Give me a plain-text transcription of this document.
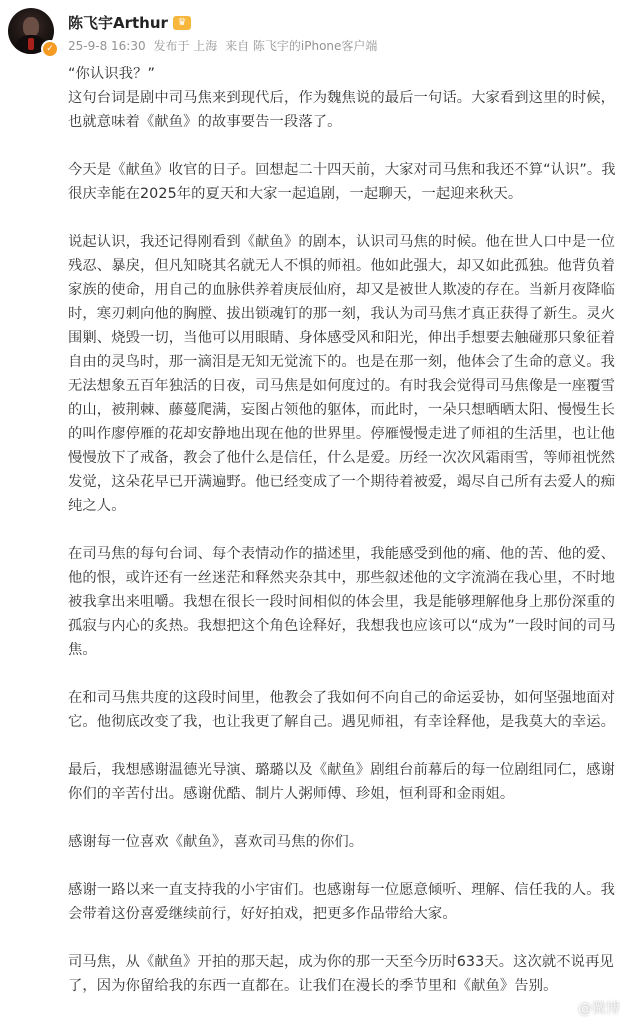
✓
陈飞宇Arthur ♛
25-9-8 16:30 发布于 上海 来自 陈飞宇的iPhone客户端

“你认识我？”
这句台词是剧中司马焦来到现代后，作为魏焦说的最后一句话。大家看到这里的时候，也就意味着《献鱼》的故事要告一段落了。

今天是《献鱼》收官的日子。回想起二十四天前，大家对司马焦和我还不算“认识”。我很庆幸能在2025年的夏天和大家一起追剧，一起聊天，一起迎来秋天。

说起认识，我还记得刚看到《献鱼》的剧本，认识司马焦的时候。他在世人口中是一位残忍、暴戾，但凡知晓其名就无人不惧的师祖。他如此强大，却又如此孤独。他背负着家族的使命，用自己的血脉供养着庚辰仙府，却又是被世人欺凌的存在。当新月夜降临时，寒刃刺向他的胸膛、拔出锁魂钉的那一刻，我认为司马焦才真正获得了新生。灵火围剿、烧毁一切，当他可以用眼睛、身体感受风和阳光，伸出手想要去触碰那只象征着自由的灵鸟时，那一滴泪是无知无觉流下的。也是在那一刻，他体会了生命的意义。我无法想象五百年独活的日夜，司马焦是如何度过的。有时我会觉得司马焦像是一座覆雪的山，被荆棘、藤蔓爬满，妄图占领他的躯体，而此时，一朵只想晒晒太阳、慢慢生长的叫作廖停雁的花却安静地出现在他的世界里。停雁慢慢走进了师祖的生活里，也让他慢慢放下了戒备，教会了他什么是信任，什么是爱。历经一次次风霜雨雪，等师祖恍然发觉，这朵花早已开满遍野。他已经变成了一个期待着被爱，竭尽自己所有去爱人的痴纯之人。

在司马焦的每句台词、每个表情动作的描述里，我能感受到他的痛、他的苦、他的爱、他的恨，或许还有一丝迷茫和释然夹杂其中，那些叙述他的文字流淌在我心里，不时地被我拿出来咀嚼。我想在很长一段时间相似的体会里，我是能够理解他身上那份深重的孤寂与内心的炙热。我想把这个角色诠释好，我想我也应该可以“成为”一段时间的司马焦。

在和司马焦共度的这段时间里，他教会了我如何不向自己的命运妥协，如何坚强地面对它。他彻底改变了我，也让我更了解自己。遇见师祖，有幸诠释他，是我莫大的幸运。

最后，我想感谢温德光导演、璐璐以及《献鱼》剧组台前幕后的每一位剧组同仁，感谢你们的辛苦付出。感谢优酷、制片人粥师傅、珍姐，恒利哥和金雨姐。

感谢每一位喜欢《献鱼》，喜欢司马焦的你们。

感谢一路以来一直支持我的小宇宙们。也感谢每一位愿意倾听、理解、信任我的人。我会带着这份喜爱继续前行，好好拍戏，把更多作品带给大家。

司马焦，从《献鱼》开拍的那天起，成为你的那一天至今历时633天。这次就不说再见了，因为你留给我的东西一直都在。让我们在漫长的季节里和《献鱼》告别。

@微博
